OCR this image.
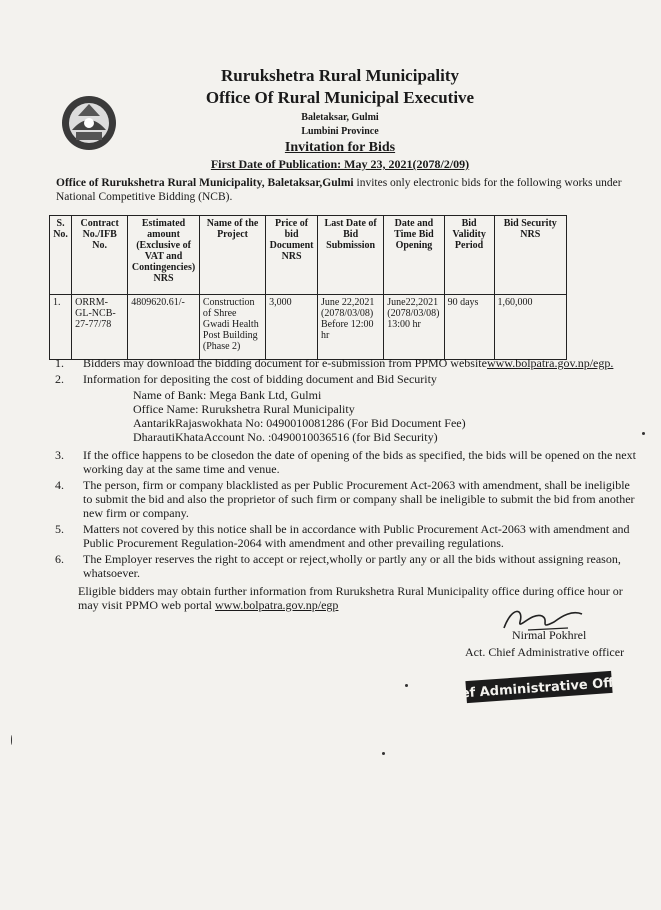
Rurukshetra Rural Municipality
Office Of Rural Municipal Executive
Baletaksar, Gulmi
Lumbini Province
Invitation for Bids
First Date of Publication: May 23, 2021(2078/2/09)
Office of Rurukshetra Rural Municipality, Baletaksar,Gulmi invites only electronic bids for the following works under National Competitive Bidding (NCB).
S. No.	Contract No./IFB No.	Estimated amount (Exclusive of VAT and Contingencies) NRS	Name of the Project	Price of bid Document NRS	Last Date of Bid Submission	Date and Time Bid Opening	Bid Validity Period	Bid Security NRS
1.	ORRM-GL-NCB-27-77/78	4809620.61/-	Construction of Shree Gwadi Health Post Building (Phase 2)	3,000	June 22,2021 (2078/03/08) Before 12:00 hr	June22,2021 (2078/03/08) 13:00 hr	90 days	1,60,000
1. Bidders may download the bidding document for e-submission from PPMO websitewww.bolpatra.gov.np/egp.
2. Information for depositing the cost of bidding document and Bid Security

Name of Bank: Mega Bank Ltd, Gulmi

Office Name: Rurukshetra Rural Municipality

AantarikRajaswokhata No: 0490010081286 (For Bid Document Fee)

DharautiKhataAccount No. :0490010036516 (for Bid Security)

3. If the office happens to be closedon the date of opening of the bids as specified, the bids will be opened on the next working day at the same time and venue.
4. The person, firm or company blacklisted as per Public Procurement Act-2063 with amendment, shall be ineligible to submit the bid and also the proprietor of such firm or company shall be ineligible to submit the bid from another new firm or company.
5. Matters not covered by this notice shall be in accordance with Public Procurement Act-2063 with amendment and Public Procurement Regulation-2064 with amendment and other prevailing regulations.
6. The Employer reserves the right to accept or reject,wholly or partly any or all the bids without assigning reason, whatsoever.
Eligible bidders may obtain further information from Rurukshetra Rural Municipality office during office hour or may visit PPMO web portal www.bolpatra.gov.np/egp
Nirmal Pokhrel
Act. Chief Administrative officer
Chief Administrative Officer
